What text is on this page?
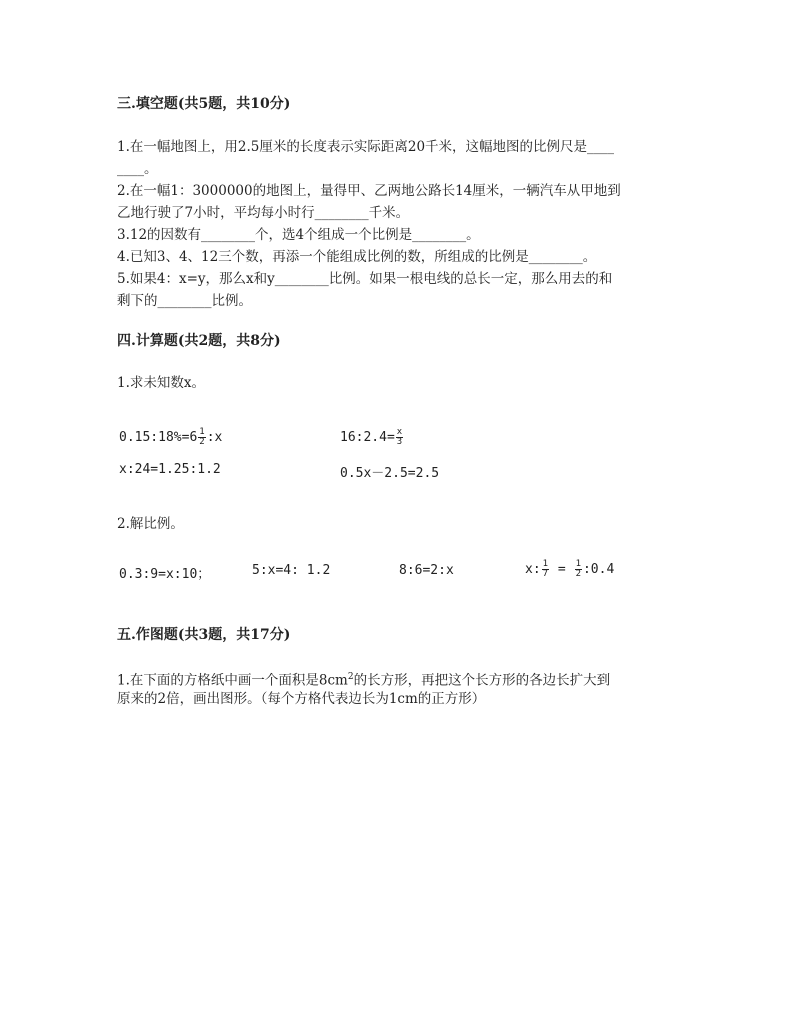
三.填空题(共5题，共10分)
1.在一幅地图上，用2.5厘米的长度表示实际距离20千米，这幅地图的比例尺是____
____。
2.在一幅1：3000000的地图上，量得甲、乙两地公路长14厘米，一辆汽车从甲地到
乙地行驶了7小时，平均每小时行________千米。
3.12的因数有________个，选4个组成一个比例是________。
4.已知3、4、12三个数，再添一个能组成比例的数，所组成的比例是________。
5.如果4：x=y，那么x和y________比例。如果一根电线的总长一定，那么用去的和
剩下的________比例。
四.计算题(共2题，共8分)
1.求未知数x。
0.15:18%=6 $\frac{1}{2}$ :x	16:2.4= $\frac{x}{3}$
x:24=1.25:1.2	0.5x－2.5=2.5
2.解比例。
0.3:9=x:10；	5:x=4: 1.2	8:6=2:x	x: $\frac{1}{7} = \frac{1}{2}$ :0.4
五.作图题(共3题，共17分)
1.在下面的方格纸中画一个面积是$8cm^2$的长方形，再把这个长方形的各边长扩大到
原来的2倍，画出图形。（每个方格代表边长为1cm的正方形）
